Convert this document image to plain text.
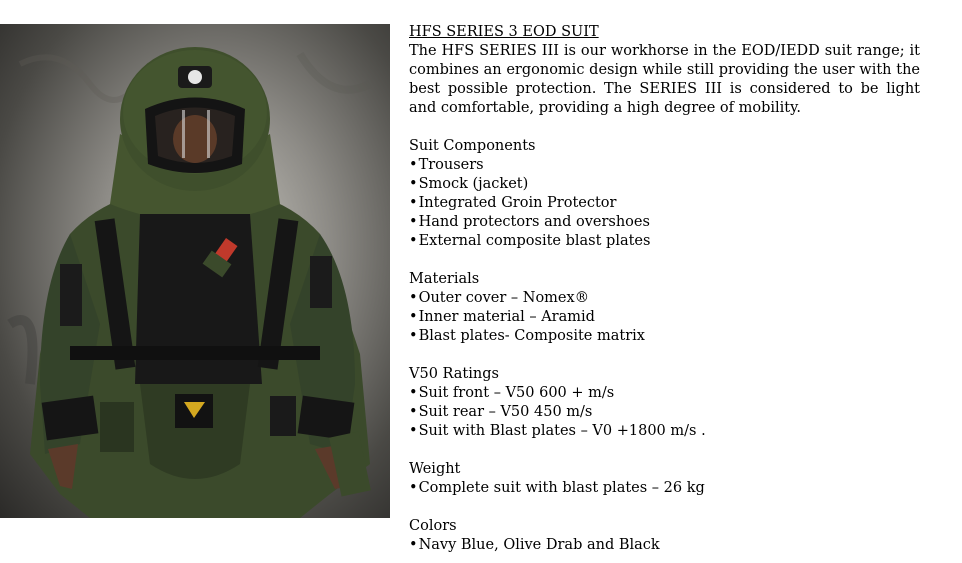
HFS SERIES 3 EOD SUIT

The HFS SERIES III is our workhorse in the EOD/IEDD suit range; it combines an ergonomic design while still providing the user with the best possible protection. The SERIES III is considered to be light and comfortable, providing a high degree of mobility.

Suit Components

• Trousers
• Smock (jacket)
• Integrated Groin Protector
• Hand protectors and overshoes
• External composite blast plates

Materials

• Outer cover – Nomex®
• Inner material – Aramid
• Blast plates- Composite matrix

V50 Ratings

• Suit front – V50 600 + m/s
• Suit rear – V50 450 m/s
• Suit with Blast plates – V0 +1800 m/s .

Weight

• Complete suit with blast plates – 26 kg

Colors

• Navy Blue, Olive Drab and Black
